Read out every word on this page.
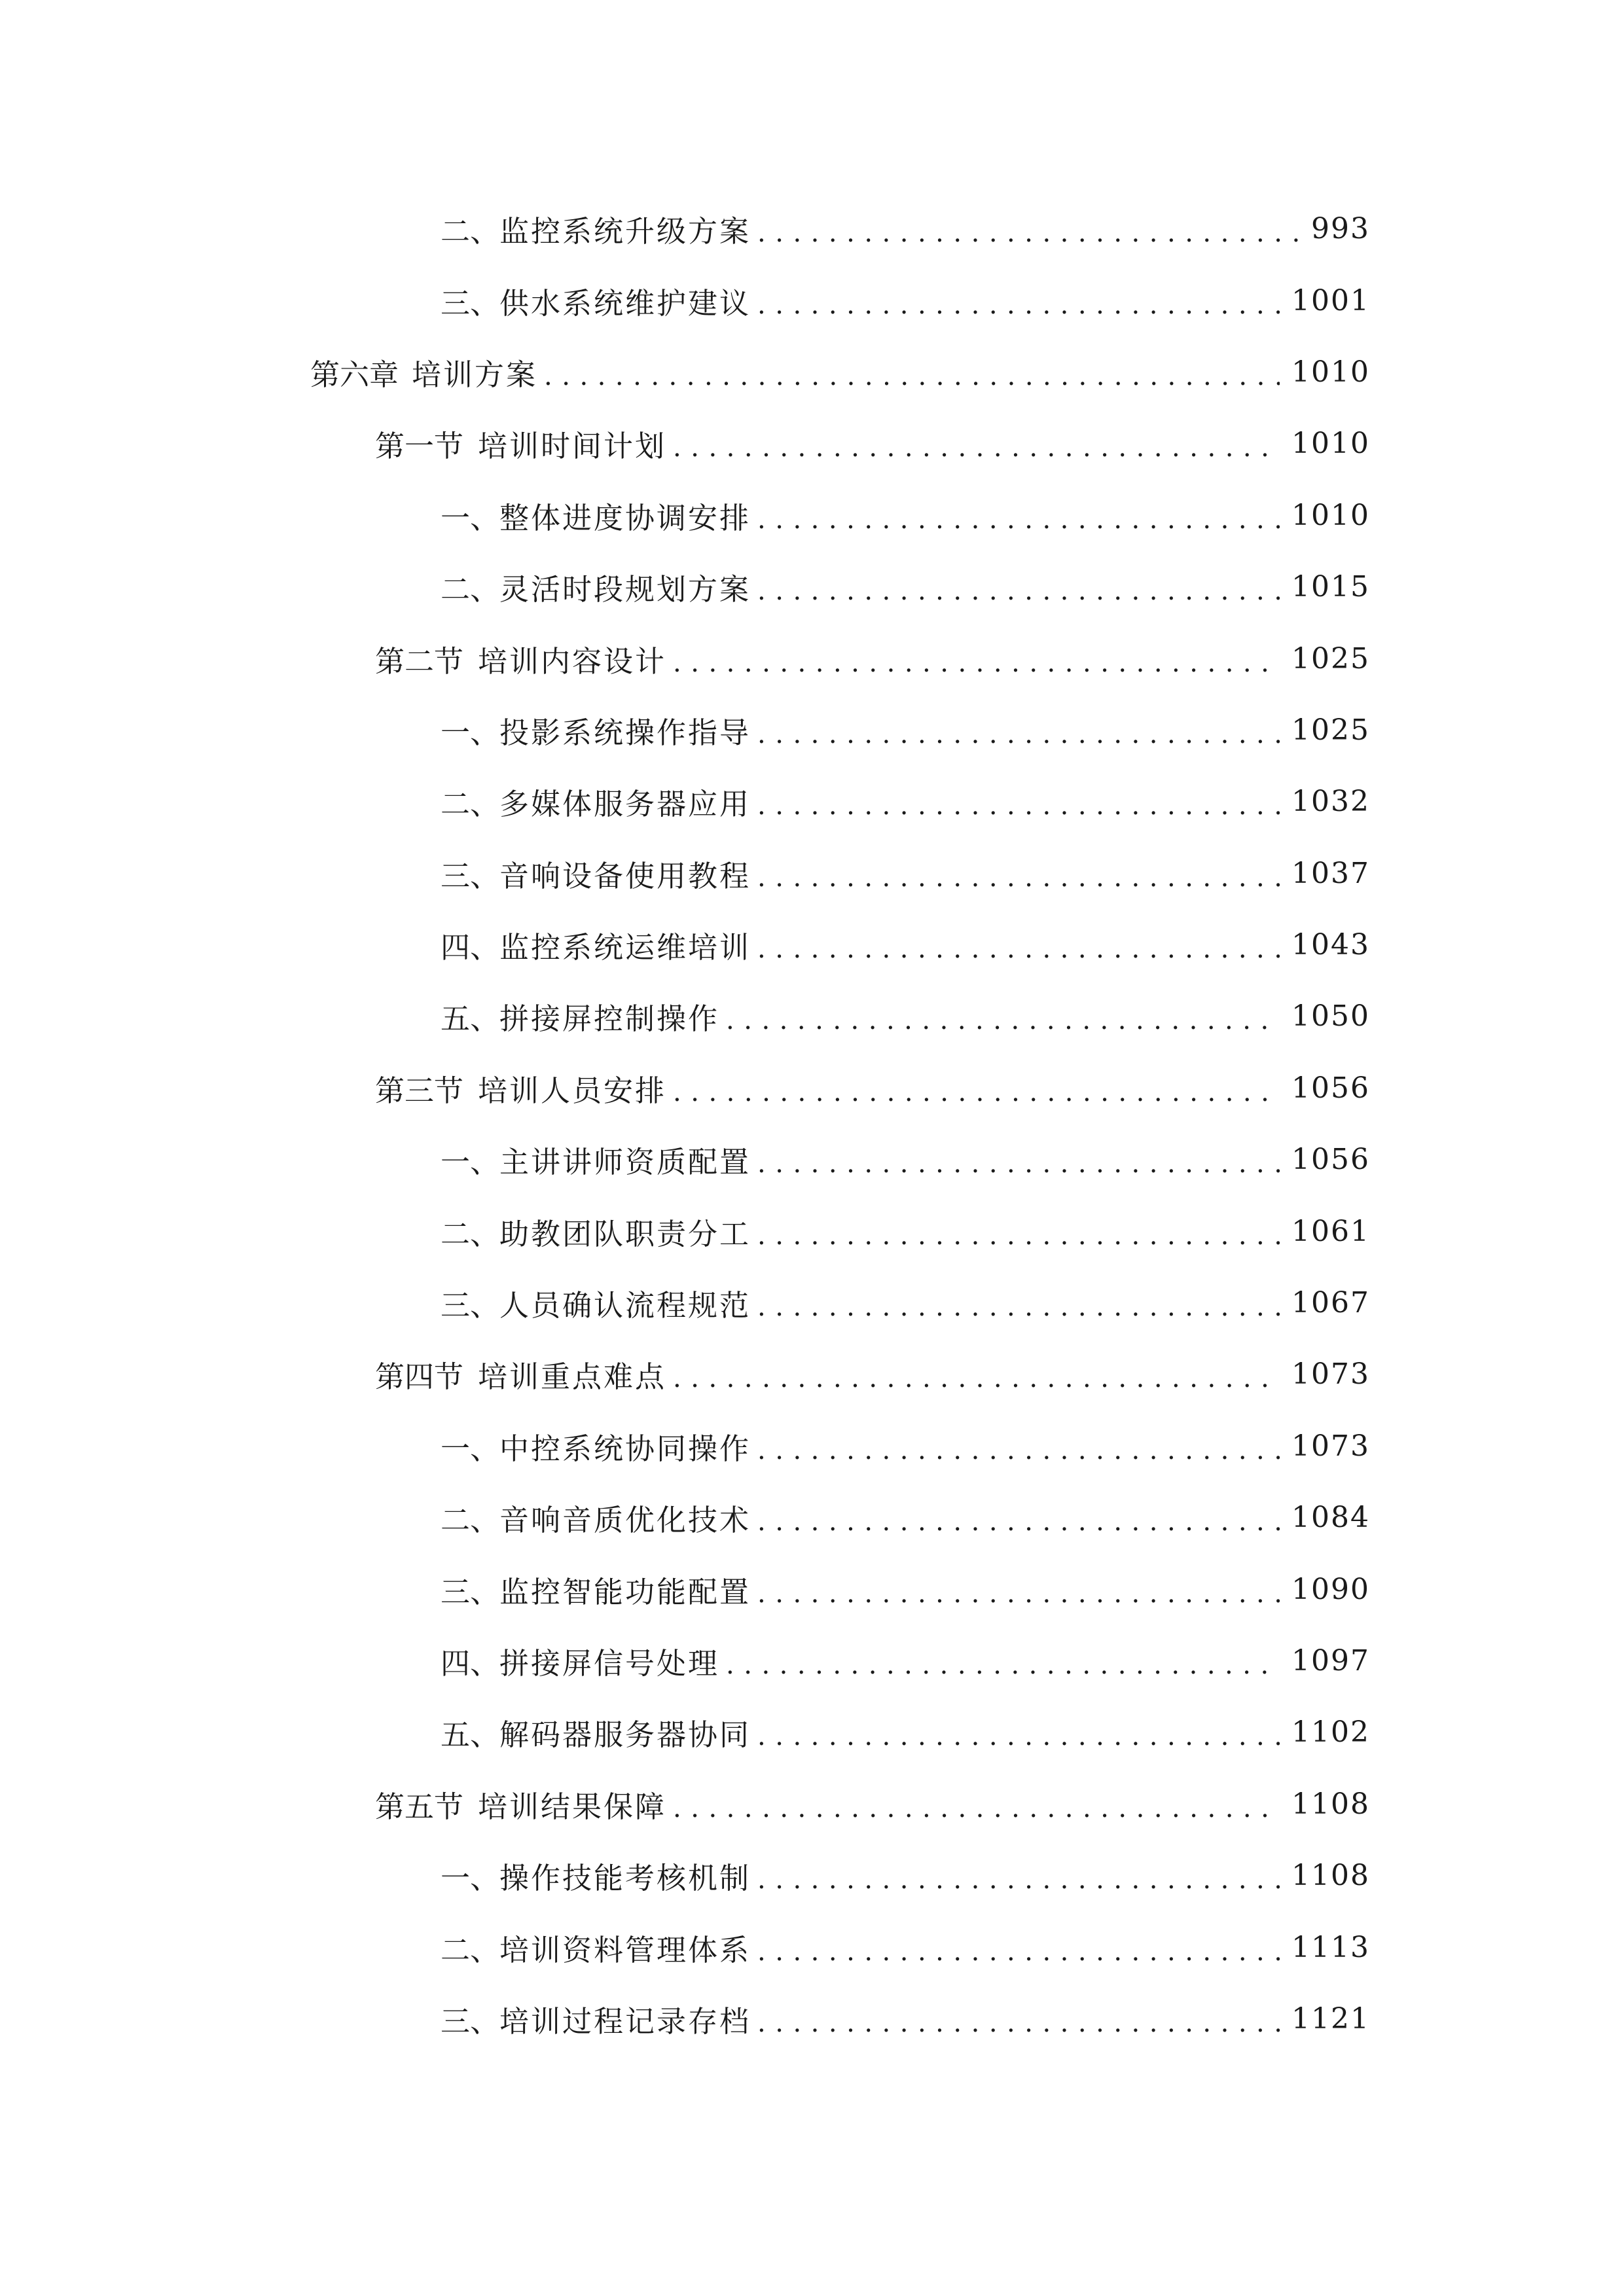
二、 监控系统升级方案 .....	993
三、 供水系统维护建议 .....	1001
第六章 培训方案 .....	1010
第一节 培训时间计划 .....	1010
一、 整体进度协调安排 .....	1010
二、 灵活时段规划方案 .....	1015
第二节 培训内容设计 .....	1025
一、 投影系统操作指导 .....	1025
二、 多媒体服务器应用 .....	1032
三、 音响设备使用教程 .....	1037
四、 监控系统运维培训 .....	1043
五、 拼接屏控制操作 .....	1050
第三节 培训人员安排 .....	1056
一、 主讲讲师资质配置 .....	1056
二、 助教团队职责分工 .....	1061
三、 人员确认流程规范 .....	1067
第四节 培训重点难点 .....	1073
一、 中控系统协同操作 .....	1073
二、 音响音质优化技术 .....	1084
三、 监控智能功能配置 .....	1090
四、 拼接屏信号处理 .....	1097
五、 解码器服务器协同 .....	1102
第五节 培训结果保障 .....	1108
一、 操作技能考核机制 .....	1108
二、 培训资料管理体系 .....	1113
三、 培训过程记录存档 .....	1121
